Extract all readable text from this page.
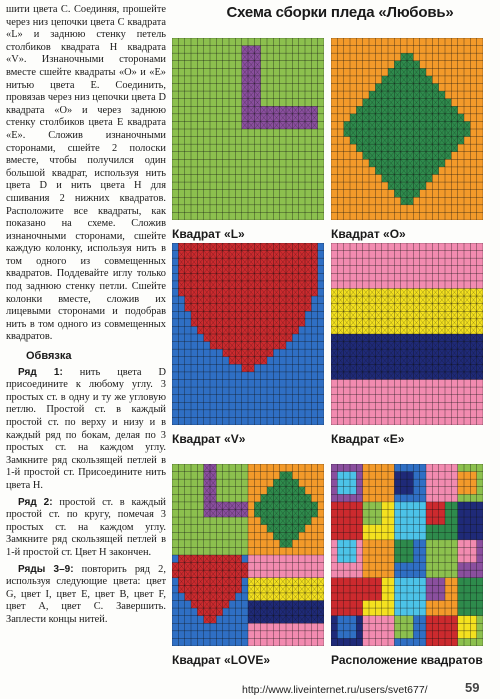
шити цвета С. Соединяя, прошейте через низ цепочки цвета С квадрата «L» и заднюю стенку петель столбиков квадрата Н квадрата «V». Изнаночными сторонами вместе сшейте квадраты «О» и «Е» нитью цвета Е. Соединить, провязав через низ цепочки цвета D квадрата «О» и через заднюю стенку столбиков цвета Е квадрата «Е». Сложив изнаночными сторонами, сшейте 2 полоски вместе, чтобы получился один большой квадрат, используя нить цвета D и нить цвета Н для сшивания 2 нижних квадратов. Расположите все квадраты, как показано на схеме. Сложив изнаночными сторонами, сшейте каждую колонку, используя нить в том одного из совмещенных квадратов. Поддевайте иглу только под заднюю стенку петли. Сшейте колонки вместе, сложив их лицевыми сторонами и подобрав нить в том одного из совмещенных квадратов.

Обвязка

Ряд 1: нить цвета D присоедините к любому углу. 3 простых ст. в одну и ту же угловую петлю. Простой ст. в каждый простой ст. по верху и низу и в каждый ряд по бокам, делая по 3 простых ст. на каждом углу. Замкните ряд скользящей петлей в 1-й простой ст. Присоедините нить цвета Н.

Ряд 2: простой ст. в каждый простой ст. по кругу, помечая 3 простых ст. на каждом углу. Замкните ряд скользящей петлей в 1-й простой ст. Цвет Н закончен.

Ряды 3–9: повторить ряд 2, используя следующие цвета: цвет G, цвет I, цвет E, цвет B, цвет F, цвет A, цвет C. Завершить. Заплести концы нитей.

Схема сборки пледа «Любовь»
Квадрат «L»	Квадрат «О»
Квадрат «V»	Квадрат «Е»
Квадрат «LOVE»	Расположение квадратов
http://www.liveinternet.ru/users/svet677/	59
